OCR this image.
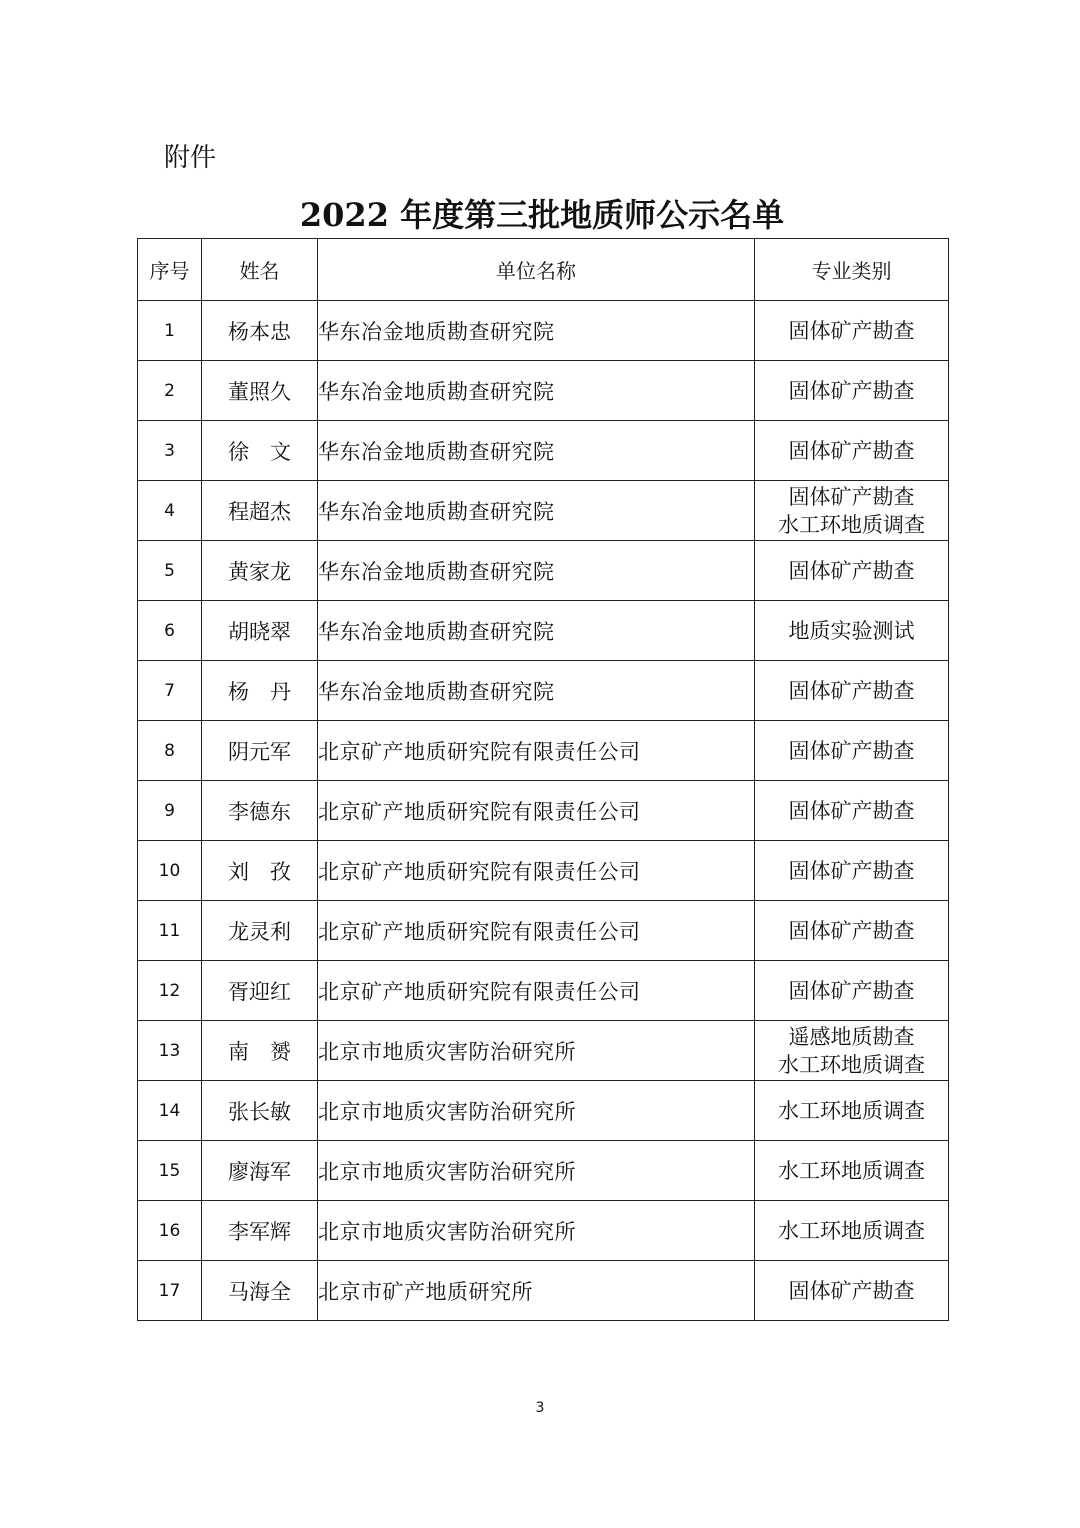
附件
2022 年度第三批地质师公示名单
序号	姓名	单位名称	专业类别
1	杨本忠	华东冶金地质勘查研究院	固体矿产勘查

2	董照久	华东冶金地质勘查研究院	固体矿产勘查

3	徐　文	华东冶金地质勘查研究院	固体矿产勘查

4	程超杰	华东冶金地质勘查研究院	固体矿产勘查
水工环地质调查

5	黄家龙	华东冶金地质勘查研究院	固体矿产勘查

6	胡晓翠	华东冶金地质勘查研究院	地质实验测试

7	杨　丹	华东冶金地质勘查研究院	固体矿产勘查

8	阴元军	北京矿产地质研究院有限责任公司	固体矿产勘查

9	李德东	北京矿产地质研究院有限责任公司	固体矿产勘查

10	刘　孜	北京矿产地质研究院有限责任公司	固体矿产勘查

11	龙灵利	北京矿产地质研究院有限责任公司	固体矿产勘查

12	胥迎红	北京矿产地质研究院有限责任公司	固体矿产勘查

13	南　赟	北京市地质灾害防治研究所	遥感地质勘查
水工环地质调查

14	张长敏	北京市地质灾害防治研究所	水工环地质调查

15	廖海军	北京市地质灾害防治研究所	水工环地质调查

16	李军辉	北京市地质灾害防治研究所	水工环地质调查

17	马海全	北京市矿产地质研究所	固体矿产勘查
3
